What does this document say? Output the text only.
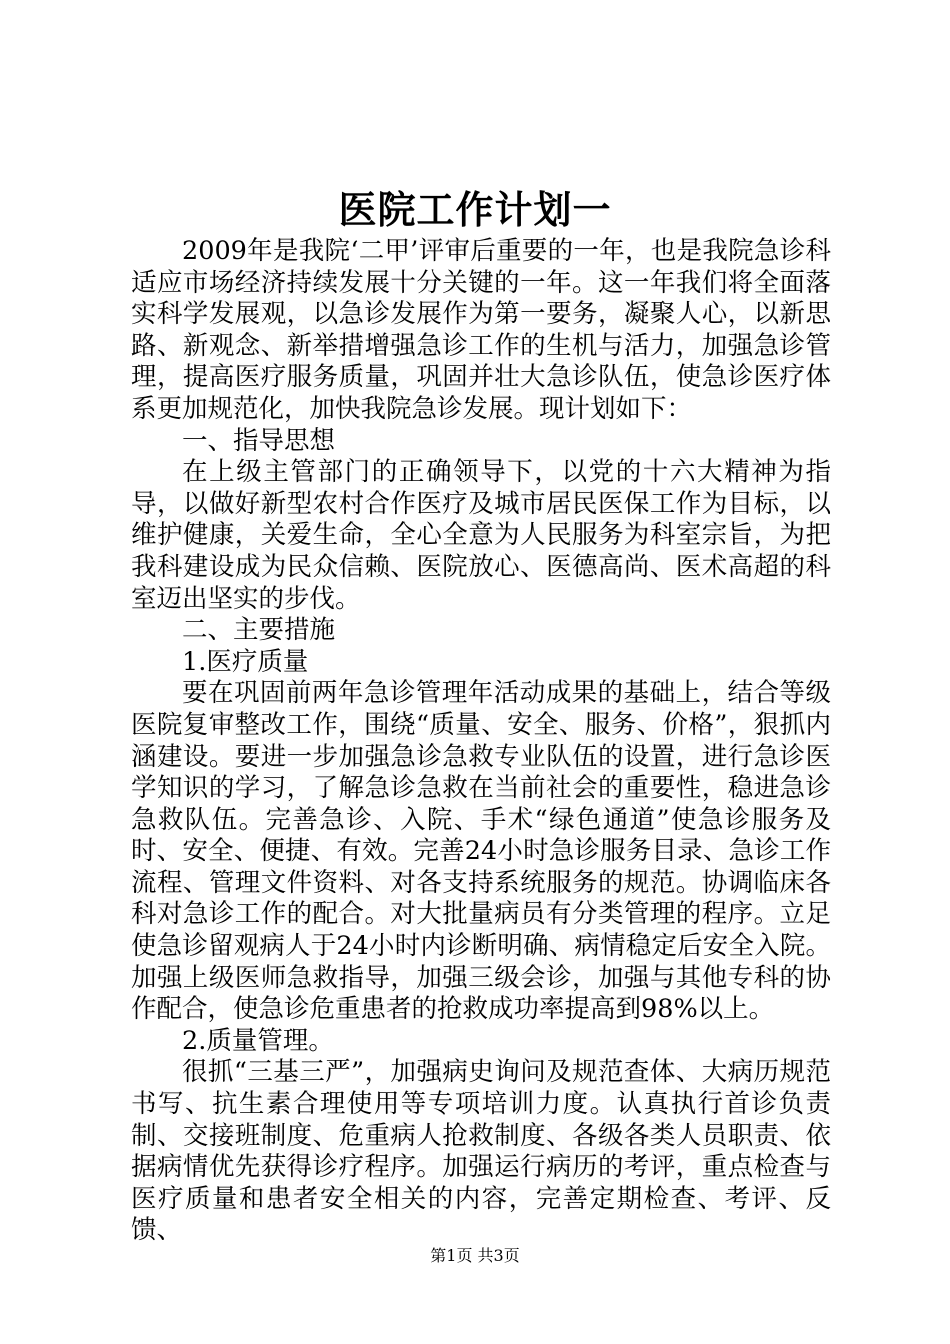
医院工作计划一

2009年是我院‘二甲’评审后重要的一年，也是我院急诊科适应市场经济持续发展十分关键的一年。这一年我们将全面落实科学发展观，以急诊发展作为第一要务，凝聚人心，以新思路、新观念、新举措增强急诊工作的生机与活力，加强急诊管理，提高医疗服务质量，巩固并壮大急诊队伍，使急诊医疗体系更加规范化，加快我院急诊发展。现计划如下：

一、指导思想

在上级主管部门的正确领导下，以党的十六大精神为指导，以做好新型农村合作医疗及城市居民医保工作为目标，以维护健康，关爱生命，全心全意为人民服务为科室宗旨，为把我科建设成为民众信赖、医院放心、医德高尚、医术高超的科室迈出坚实的步伐。

二、主要措施

1.医疗质量

要在巩固前两年急诊管理年活动成果的基础上，结合等级医院复审整改工作，围绕“质量、安全、服务、价格”，狠抓内涵建设。要进一步加强急诊急救专业队伍的设置，进行急诊医学知识的学习，了解急诊急救在当前社会的重要性，稳进急诊急救队伍。完善急诊、入院、手术“绿色通道”使急诊服务及时、安全、便捷、有效。完善24小时急诊服务目录、急诊工作流程、管理文件资料、对各支持系统服务的规范。协调临床各科对急诊工作的配合。对大批量病员有分类管理的程序。立足使急诊留观病人于24小时内诊断明确、病情稳定后安全入院。加强上级医师急救指导，加强三级会诊，加强与其他专科的协作配合，使急诊危重患者的抢救成功率提高到98%以上。

2.质量管理。

很抓“三基三严”，加强病史询问及规范查体、大病历规范书写、抗生素合理使用等专项培训力度。认真执行首诊负责制、交接班制度、危重病人抢救制度、各级各类人员职责、依据病情优先获得诊疗程序。加强运行病历的考评，重点检查与医疗质量和患者安全相关的内容，完善定期检查、考评、反馈、

第1页 共3页
